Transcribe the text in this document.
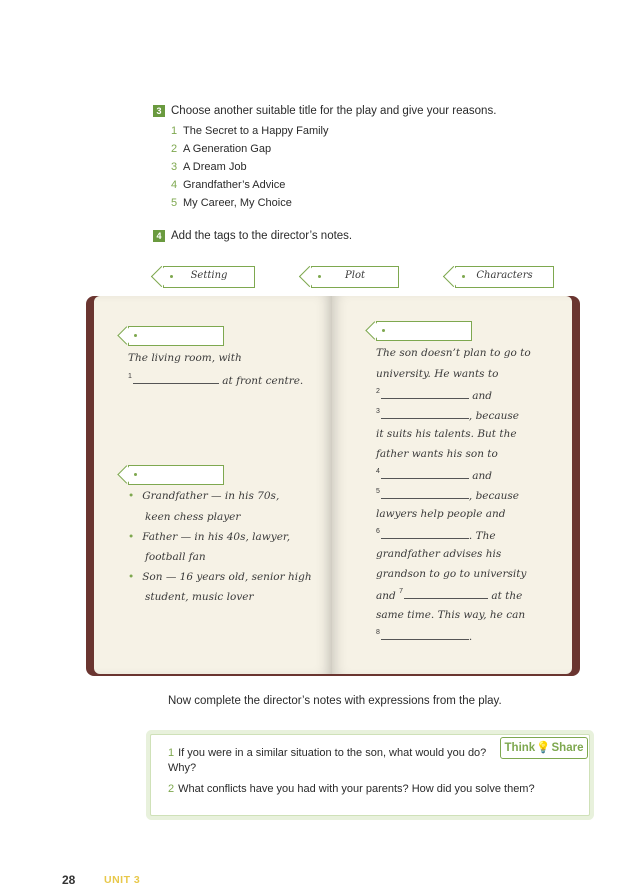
3 Choose another suitable title for the play and give your reasons.
1 The Secret to a Happy Family
2 A Generation Gap
3 A Dream Job
4 Grandfather’s Advice
5 My Career, My Choice
4 Add the tags to the director’s notes.
Setting	Plot	Characters
The living room, with
$^1$	at front centre.
• Grandfather — in his 70s,
keen chess player
• Father — in his 40s, lawyer,
football fan
• Son — 16 years old, senior high
student, music lover
The son doesn’t plan to go to
university. He wants to
$^2$	and
$^3$	, because
it suits his talents. But the
father wants his son to
$^4$	and
$^5$	, because
lawyers help people and
$^6$	. The
grandfather advises his
grandson to go to university
and $^7$	at the
same time. This way, he can
$^8$	.
Now complete the director’s notes with expressions from the play.
Think💡Share
1 If you were in a similar situation to the son, what would you do? Why?
2 What conflicts have you had with your parents? How did you solve them?
28	UNIT 3
